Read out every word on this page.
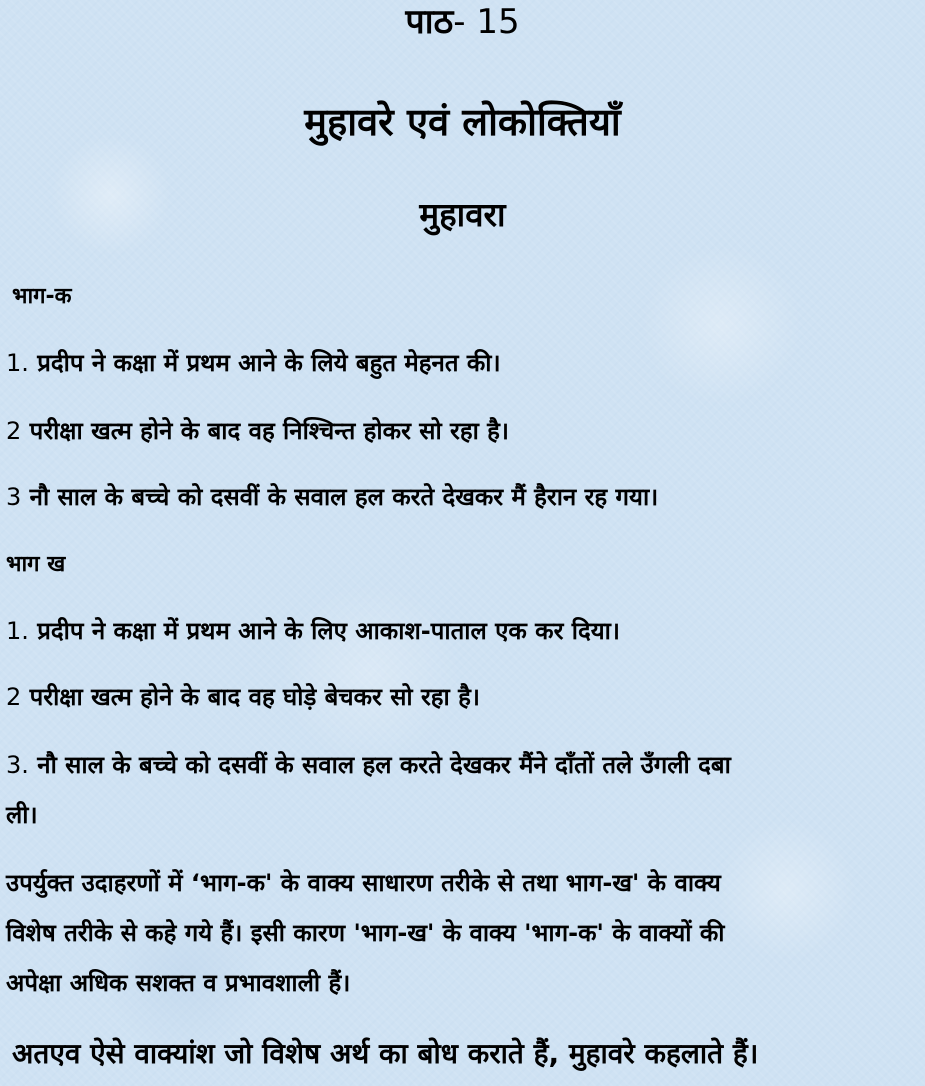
पाठ- 15
मुहावरे एवं लोकोक्तियाँ
मुहावरा
भाग-क
1. प्रदीप ने कक्षा में प्रथम आने के लिये बहुत मेहनत की।
2 परीक्षा खत्म होने के बाद वह निश्चिन्त होकर सो रहा है।
3 नौ साल के बच्चे को दसवीं के सवाल हल करते देखकर मैं हैरान रह गया।
भाग ख
1. प्रदीप ने कक्षा में प्रथम आने के लिए आकाश-पाताल एक कर दिया।
2 परीक्षा खत्म होने के बाद वह घोड़े बेचकर सो रहा है।
3. नौ साल के बच्चे को दसवीं के सवाल हल करते देखकर मैंने दाँतों तले उँगली दबा
ली।
उपर्युक्त उदाहरणों में ‘भाग-क' के वाक्य साधारण तरीके से तथा भाग-ख' के वाक्य
विशेष तरीके से कहे गये हैं। इसी कारण 'भाग-ख' के वाक्य 'भाग-क' के वाक्यों की
अपेक्षा अधिक सशक्त व प्रभावशाली हैं।
अतएव ऐसे वाक्यांश जो विशेष अर्थ का बोध कराते हैं, मुहावरे कहलाते हैं।
